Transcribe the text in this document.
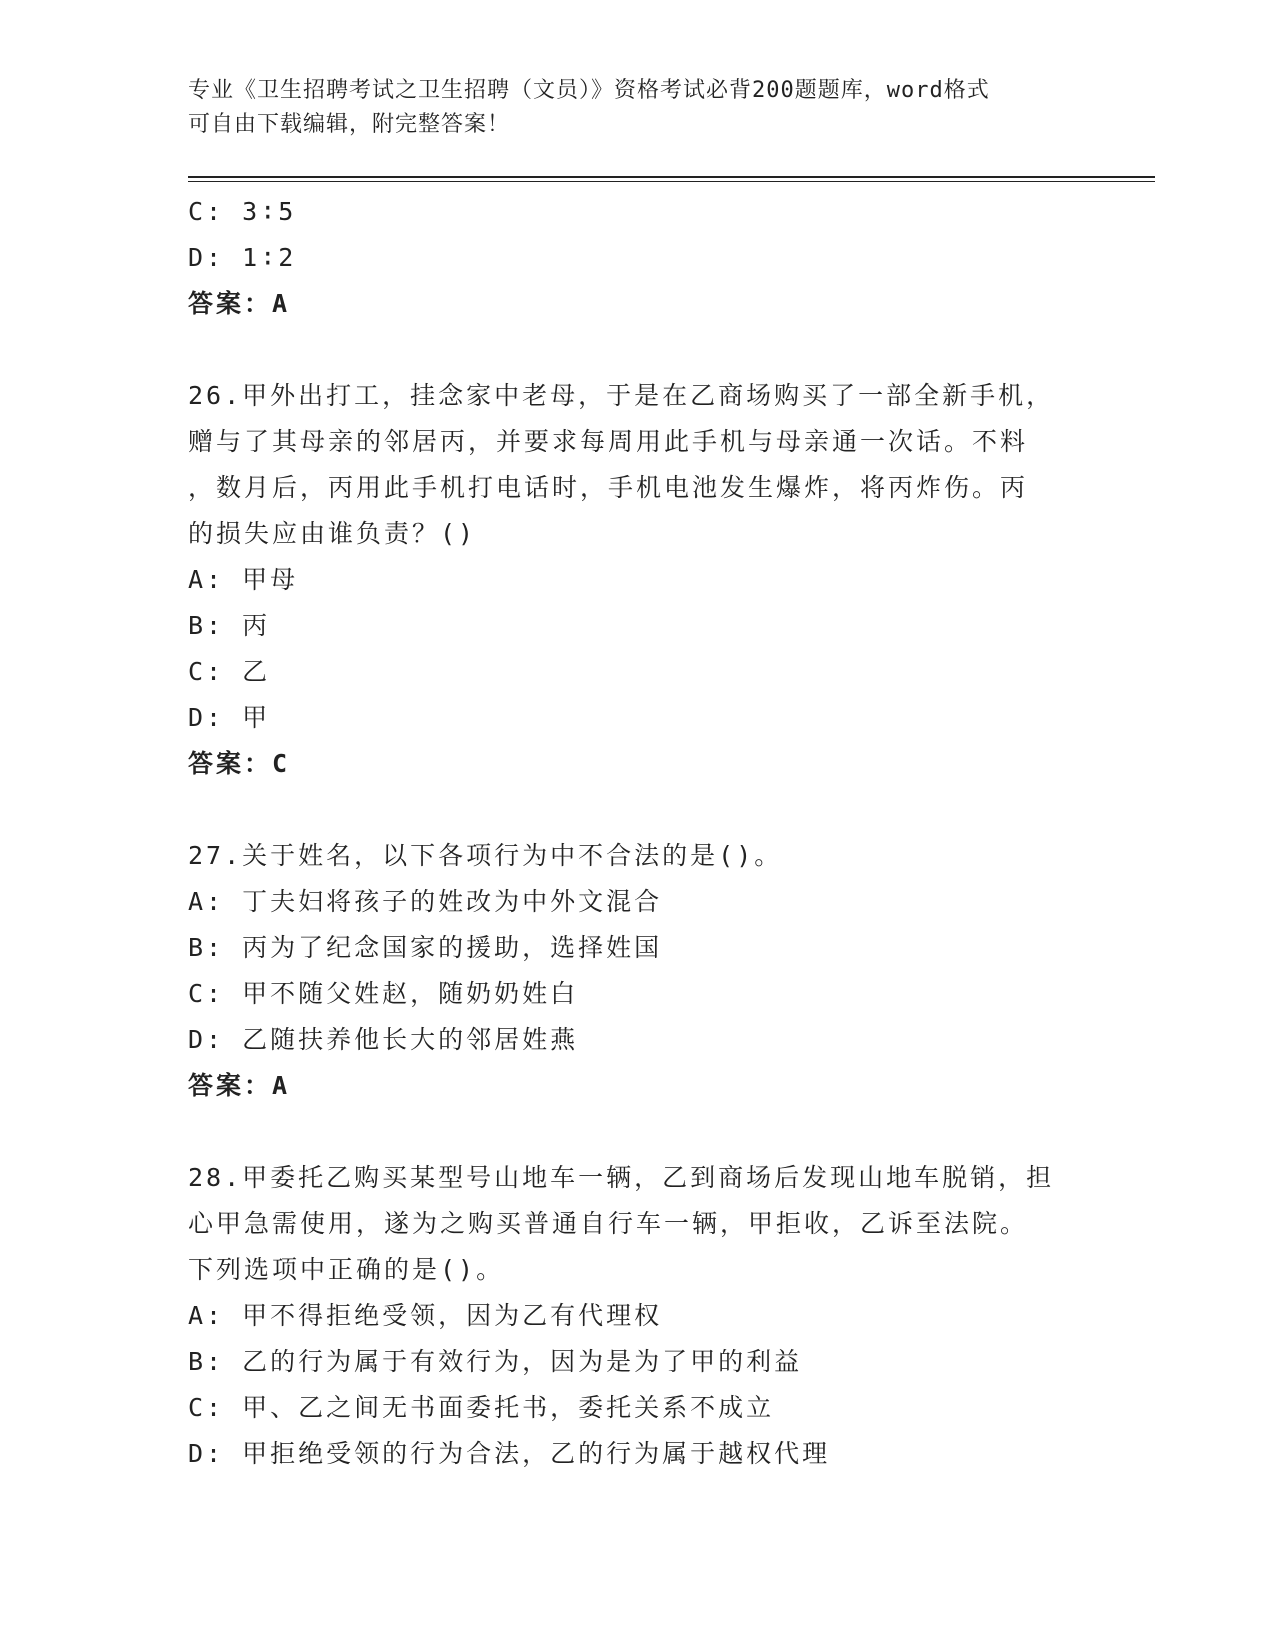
专业《卫生招聘考试之卫生招聘（文员）》资格考试必背200题题库，word格式
可自由下载编辑，附完整答案！
C: 3∶5
D: 1∶2
答案：A
26.甲外出打工，挂念家中老母，于是在乙商场购买了一部全新手机，
赠与了其母亲的邻居丙，并要求每周用此手机与母亲通一次话。不料
，数月后，丙用此手机打电话时，手机电池发生爆炸，将丙炸伤。丙
的损失应由谁负责？()
A: 甲母
B: 丙
C: 乙
D: 甲
答案：C
27.关于姓名，以下各项行为中不合法的是()。
A: 丁夫妇将孩子的姓改为中外文混合
B: 丙为了纪念国家的援助，选择姓国
C: 甲不随父姓赵，随奶奶姓白
D: 乙随扶养他长大的邻居姓燕
答案：A
28.甲委托乙购买某型号山地车一辆，乙到商场后发现山地车脱销，担
心甲急需使用，遂为之购买普通自行车一辆，甲拒收，乙诉至法院。
下列选项中正确的是()。
A: 甲不得拒绝受领，因为乙有代理权
B: 乙的行为属于有效行为，因为是为了甲的利益
C: 甲、乙之间无书面委托书，委托关系不成立
D: 甲拒绝受领的行为合法，乙的行为属于越权代理
